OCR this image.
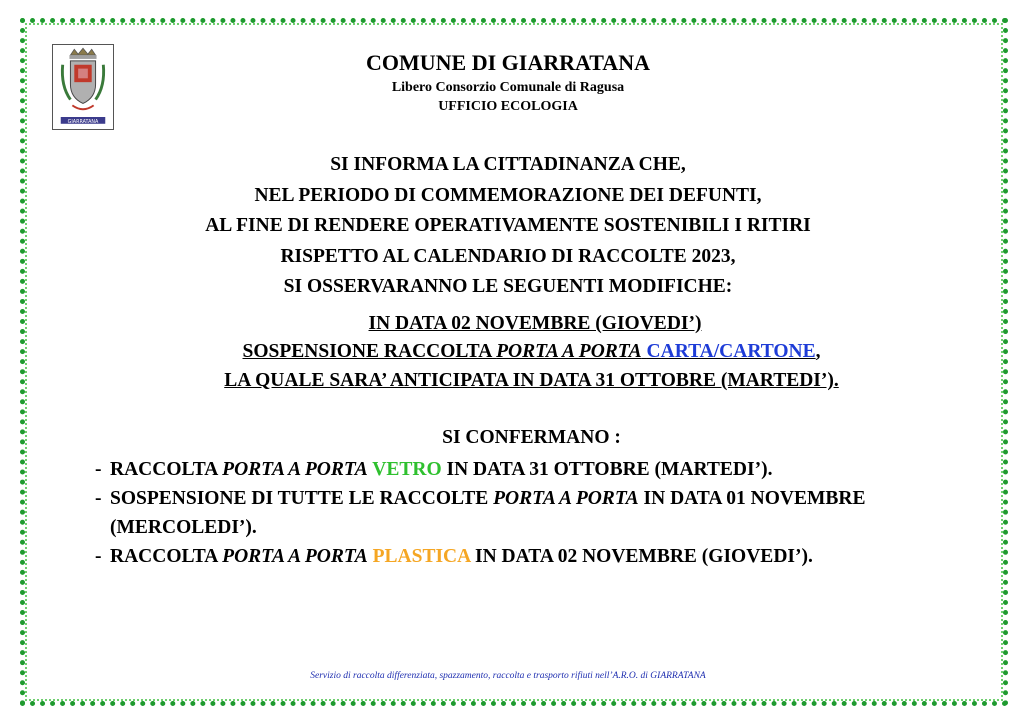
GIARRATANA
COMUNE DI GIARRATANA
Libero Consorzio Comunale di Ragusa
UFFICIO ECOLOGIA
SI INFORMA LA CITTADINANZA CHE,
NEL PERIODO DI COMMEMORAZIONE DEI DEFUNTI,
AL FINE DI RENDERE OPERATIVAMENTE SOSTENIBILI I RITIRI
RISPETTO AL CALENDARIO DI RACCOLTE 2023,
SI OSSERVARANNO LE SEGUENTI MODIFICHE:
IN DATA 02 NOVEMBRE (GIOVEDI’)
SOSPENSIONE RACCOLTA PORTA A PORTA CARTA/CARTONE,
LA QUALE SARA’ ANTICIPATA IN DATA 31 OTTOBRE (MARTEDI’).
SI CONFERMANO :
- RACCOLTA PORTA A PORTA VETRO IN DATA 31 OTTOBRE (MARTEDI’).
- SOSPENSIONE DI TUTTE LE RACCOLTE PORTA A PORTA IN DATA 01 NOVEMBRE (MERCOLEDI’).
- RACCOLTA PORTA A PORTA PLASTICA IN DATA 02 NOVEMBRE (GIOVEDI’).
Servizio di raccolta differenziata, spazzamento, raccolta e trasporto rifiuti nell’A.R.O. di GIARRATANA
